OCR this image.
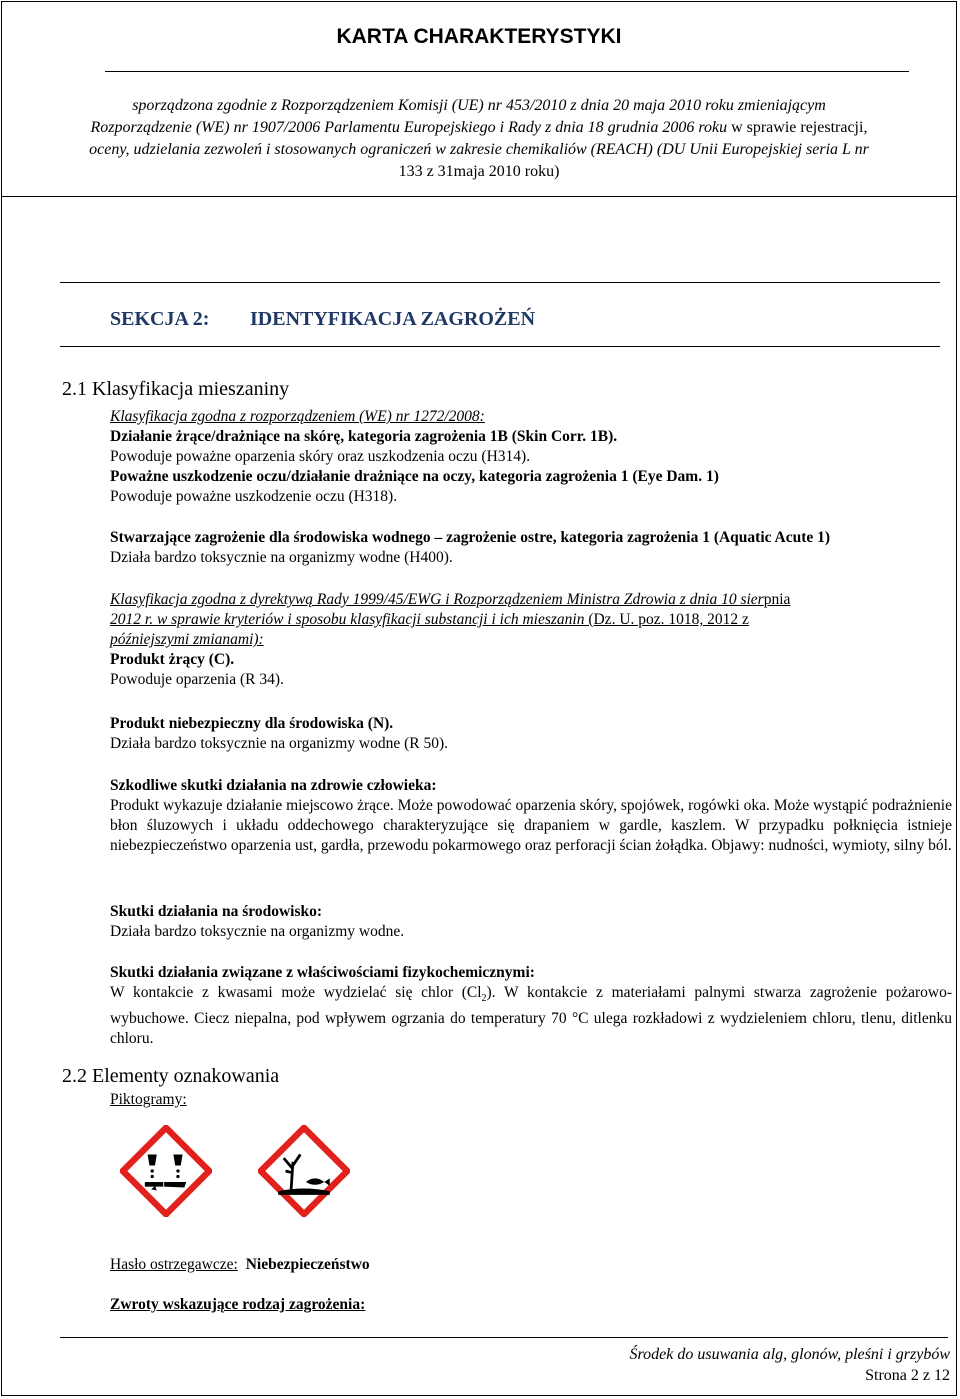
KARTA CHARAKTERYSTYKI
sporządzona zgodnie z Rozporządzeniem Komisji (UE) nr 453/2010 z dnia 20 maja 2010 roku zmieniającym
Rozporządzenie (WE) nr 1907/2006 Parlamentu Europejskiego i Rady z dnia 18 grudnia 2006 roku w sprawie rejestracji,
oceny, udzielania zezwoleń i stosowanych ograniczeń w zakresie chemikaliów (REACH) (DU Unii Europejskiej seria L nr
133 z 31maja 2010 roku)
SEKCJA 2: IDENTYFIKACJA ZAGROŻEŃ
2.1 Klasyfikacja mieszaniny
Klasyfikacja zgodna z rozporządzeniem (WE) nr 1272/2008:
Działanie żrące/drażniące na skórę, kategoria zagrożenia 1B (Skin Corr. 1B).
Powoduje poważne oparzenia skóry oraz uszkodzenia oczu (H314).
Poważne uszkodzenie oczu/działanie drażniące na oczy, kategoria zagrożenia 1 (Eye Dam. 1)
Powoduje poważne uszkodzenie oczu (H318).
Stwarzające zagrożenie dla środowiska wodnego – zagrożenie ostre, kategoria zagrożenia 1 (Aquatic Acute 1)
Działa bardzo toksycznie na organizmy wodne (H400).
Klasyfikacja zgodna z dyrektywą Rady 1999/45/EWG i Rozporządzeniem Ministra Zdrowia z dnia 10 sierpnia
2012 r. w sprawie kryteriów i sposobu klasyfikacji substancji i ich mieszanin (Dz. U. poz. 1018, 2012 z
późniejszymi zmianami):
Produkt żrący (C).
Powoduje oparzenia (R 34).
Produkt niebezpieczny dla środowiska (N).
Działa bardzo toksycznie na organizmy wodne (R 50).
Szkodliwe skutki działania na zdrowie człowieka:
Produkt wykazuje działanie miejscowo żrące. Może powodować oparzenia skóry, spojówek, rogówki oka. Może wystąpić podrażnienie błon śluzowych i układu oddechowego charakteryzujące się drapaniem w gardle, kaszlem. W przypadku połknięcia istnieje niebezpieczeństwo oparzenia ust, gardła, przewodu pokarmowego oraz perforacji ścian żołądka. Objawy: nudności, wymioty, silny ból.
Skutki działania na środowisko:
Działa bardzo toksycznie na organizmy wodne.
Skutki działania związane z właściwościami fizykochemicznymi:
W kontakcie z kwasami może wydzielać się chlor $(Cl_2)$. W kontakcie z materiałami palnymi stwarza zagrożenie pożarowo-wybuchowe. Ciecz niepalna, pod wpływem ogrzania do temperatury 70 °C ulega rozkładowi z wydzieleniem chloru, tlenu, ditlenku chloru.
2.2 Elementy oznakowania
Piktogramy:
Hasło ostrzegawcze: Niebezpieczeństwo
Zwroty wskazujące rodzaj zagrożenia:
Środek do usuwania alg, glonów, pleśni i grzybów
Strona 2 z 12
